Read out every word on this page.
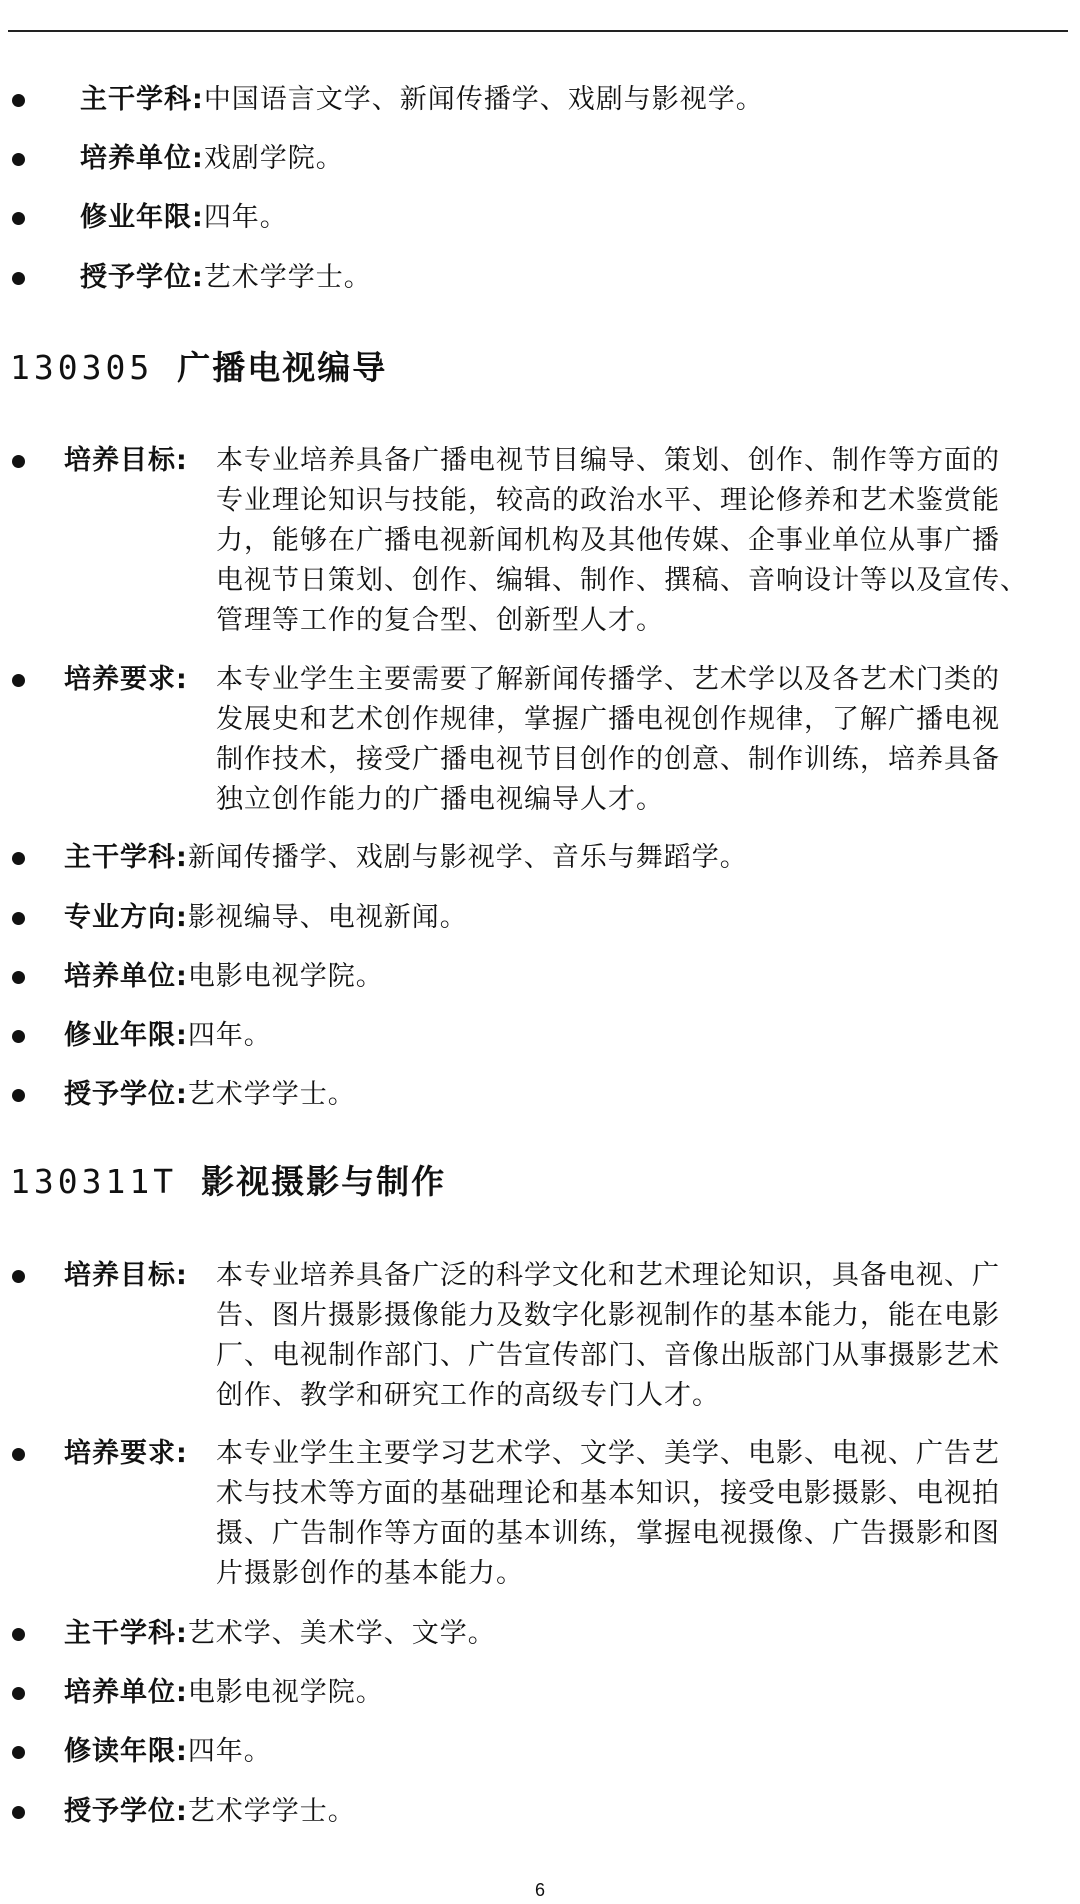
主干学科:中国语言文学、新闻传播学、戏剧与影视学。
培养单位:戏剧学院。
修业年限:四年。
授予学位:艺术学学士。
130305 广播电视编导
培养目标: 本专业培养具备广播电视节目编导、策划、创作、制作等方面的
专业理论知识与技能，较高的政治水平、理论修养和艺术鉴赏能
力，能够在广播电视新闻机构及其他传媒、企事业单位从事广播
电视节日策划、创作、编辑、制作、撰稿、音响设计等以及宣传、
管理等工作的复合型、创新型人才。
培养要求: 本专业学生主要需要了解新闻传播学、艺术学以及各艺术门类的
发展史和艺术创作规律，掌握广播电视创作规律，了解广播电视
制作技术，接受广播电视节目创作的创意、制作训练，培养具备
独立创作能力的广播电视编导人才。
主干学科:新闻传播学、戏剧与影视学、音乐与舞蹈学。
专业方向:影视编导、电视新闻。
培养单位:电影电视学院。
修业年限:四年。
授予学位:艺术学学士。
130311T 影视摄影与制作
培养目标: 本专业培养具备广泛的科学文化和艺术理论知识，具备电视、广
告、图片摄影摄像能力及数字化影视制作的基本能力，能在电影
厂、电视制作部门、广告宣传部门、音像出版部门从事摄影艺术
创作、教学和研究工作的高级专门人才。
培养要求: 本专业学生主要学习艺术学、文学、美学、电影、电视、广告艺
术与技术等方面的基础理论和基本知识，接受电影摄影、电视拍
摄、广告制作等方面的基本训练，掌握电视摄像、广告摄影和图
片摄影创作的基本能力。
主干学科:艺术学、美术学、文学。
培养单位:电影电视学院。
修读年限:四年。
授予学位:艺术学学士。
6
